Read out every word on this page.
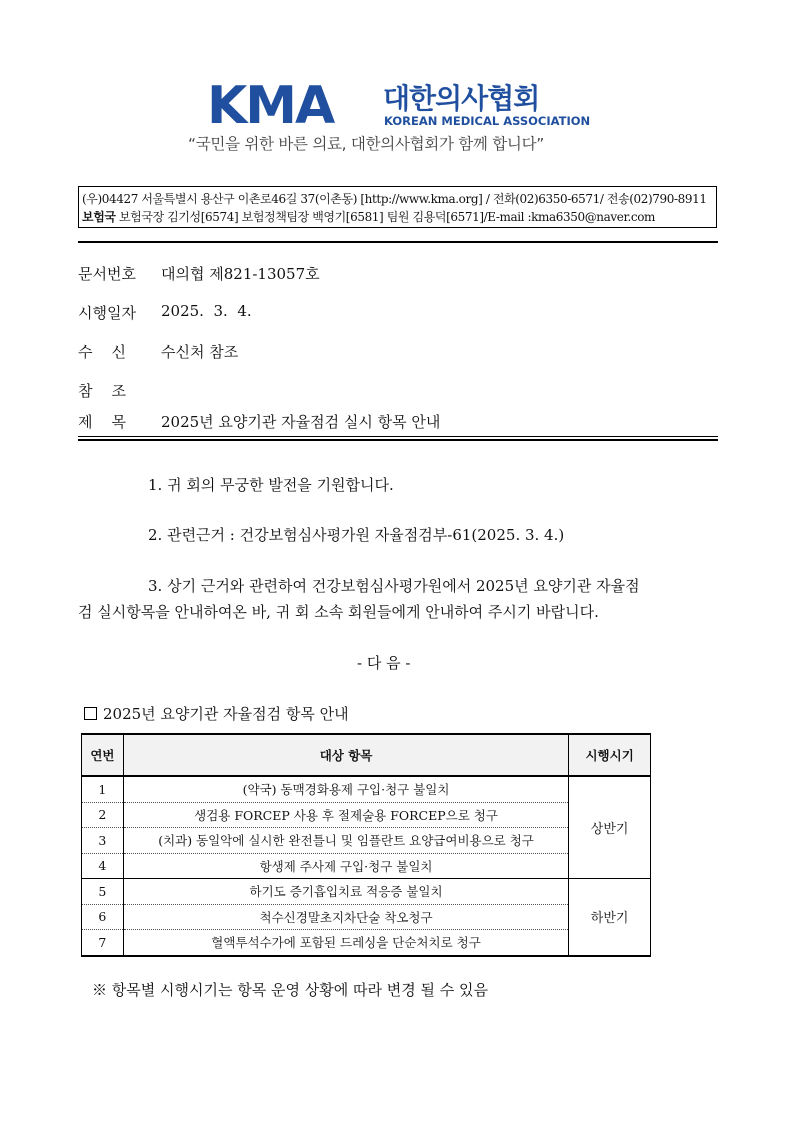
KMA 대한의사협회
KOREAN MEDICAL ASSOCIATION
“국민을 위한 바른 의료, 대한의사협회가 함께 합니다”
(우)04427 서울특별시 용산구 이촌로46길 37(이촌동) [http://www.kma.org] / 전화(02)6350-6571/ 전송(02)790-8911
보험국 보험국장 김기성[6574] 보험정책팀장 백영기[6581] 팀원 김용덕[6571]/E-mail :kma6350@naver.com
문서번호 대의협 제821-13057호
시행일자 2025.  3.  4.
수    신 수신처 참조
참    조
제    목 2025년 요양기관 자율점검 실시 항목 안내
1. 귀 회의 무궁한 발전을 기원합니다.
2. 관련근거 : 건강보험심사평가원 자율점검부-61(2025. 3. 4.)
3. 상기 근거와 관련하여 건강보험심사평가원에서 2025년 요양기관 자율점
검 실시항목을 안내하여온 바, 귀 회 소속 회원들에게 안내하여 주시기 바랍니다.
- 다 음 -
2025년 요양기관 자율점검 항목 안내
연번	대상 항목	시행시기
1	(약국) 동맥경화용제 구입·청구 불일치	상반기
2	생검용 FORCEP 사용 후 절제술용 FORCEP으로 청구	
3	(치과) 동일악에 실시한 완전틀니 및 임플란트 요양급여비용으로 청구	
4	항생제 주사제 구입·청구 불일치	
5	하기도 증기흡입치료 적응증 불일치	하반기
6	척수신경말초지차단술 착오청구	
7	혈액투석수가에 포함된 드레싱을 단순처치로 청구	
※ 항목별 시행시기는 항목 운영 상황에 따라 변경 될 수 있음
